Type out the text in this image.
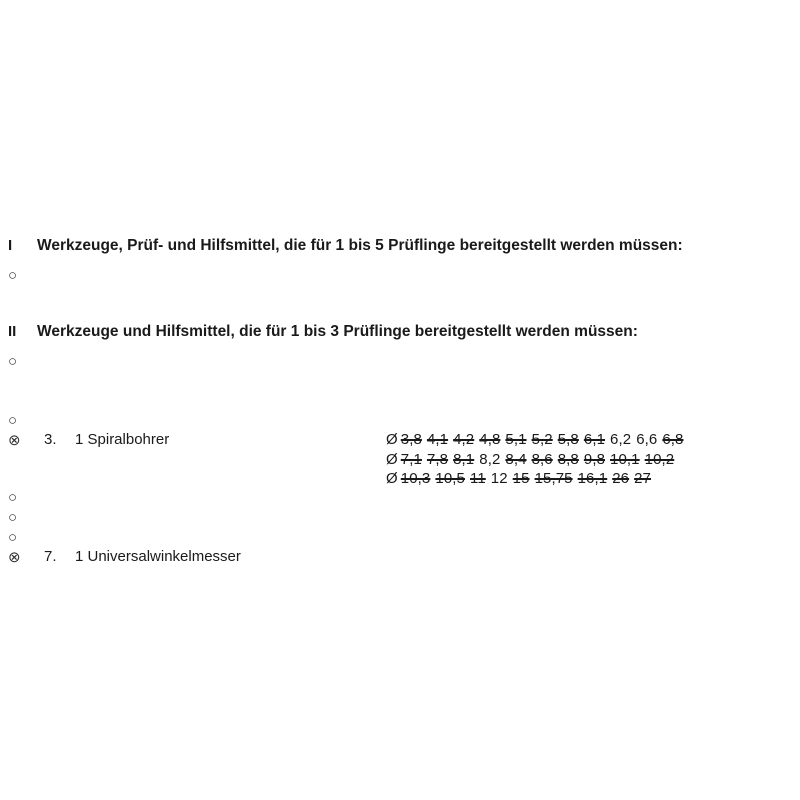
I Werkzeuge, Prüf- und Hilfsmittel, die für 1 bis 5 Prüflinge bereitgestellt werden müssen:
○
II Werkzeuge und Hilfsmittel, die für 1 bis 3 Prüflinge bereitgestellt werden müssen:
○
○
⊗ 3. 1 Spiralbohrer	Ø 3,8 4,1 4,2 4,8 5,1 5,2 5,8 6,1 6,2 6,6 6,8
Ø 7,1 7,8 8,1 8,2 8,4 8,6 8,8 9,8 10,1 10,2
Ø 10,3 10,5 11 12 15 15,75 16,1 26 27
○
○
○
⊗ 7. 1 Universalwinkelmesser
